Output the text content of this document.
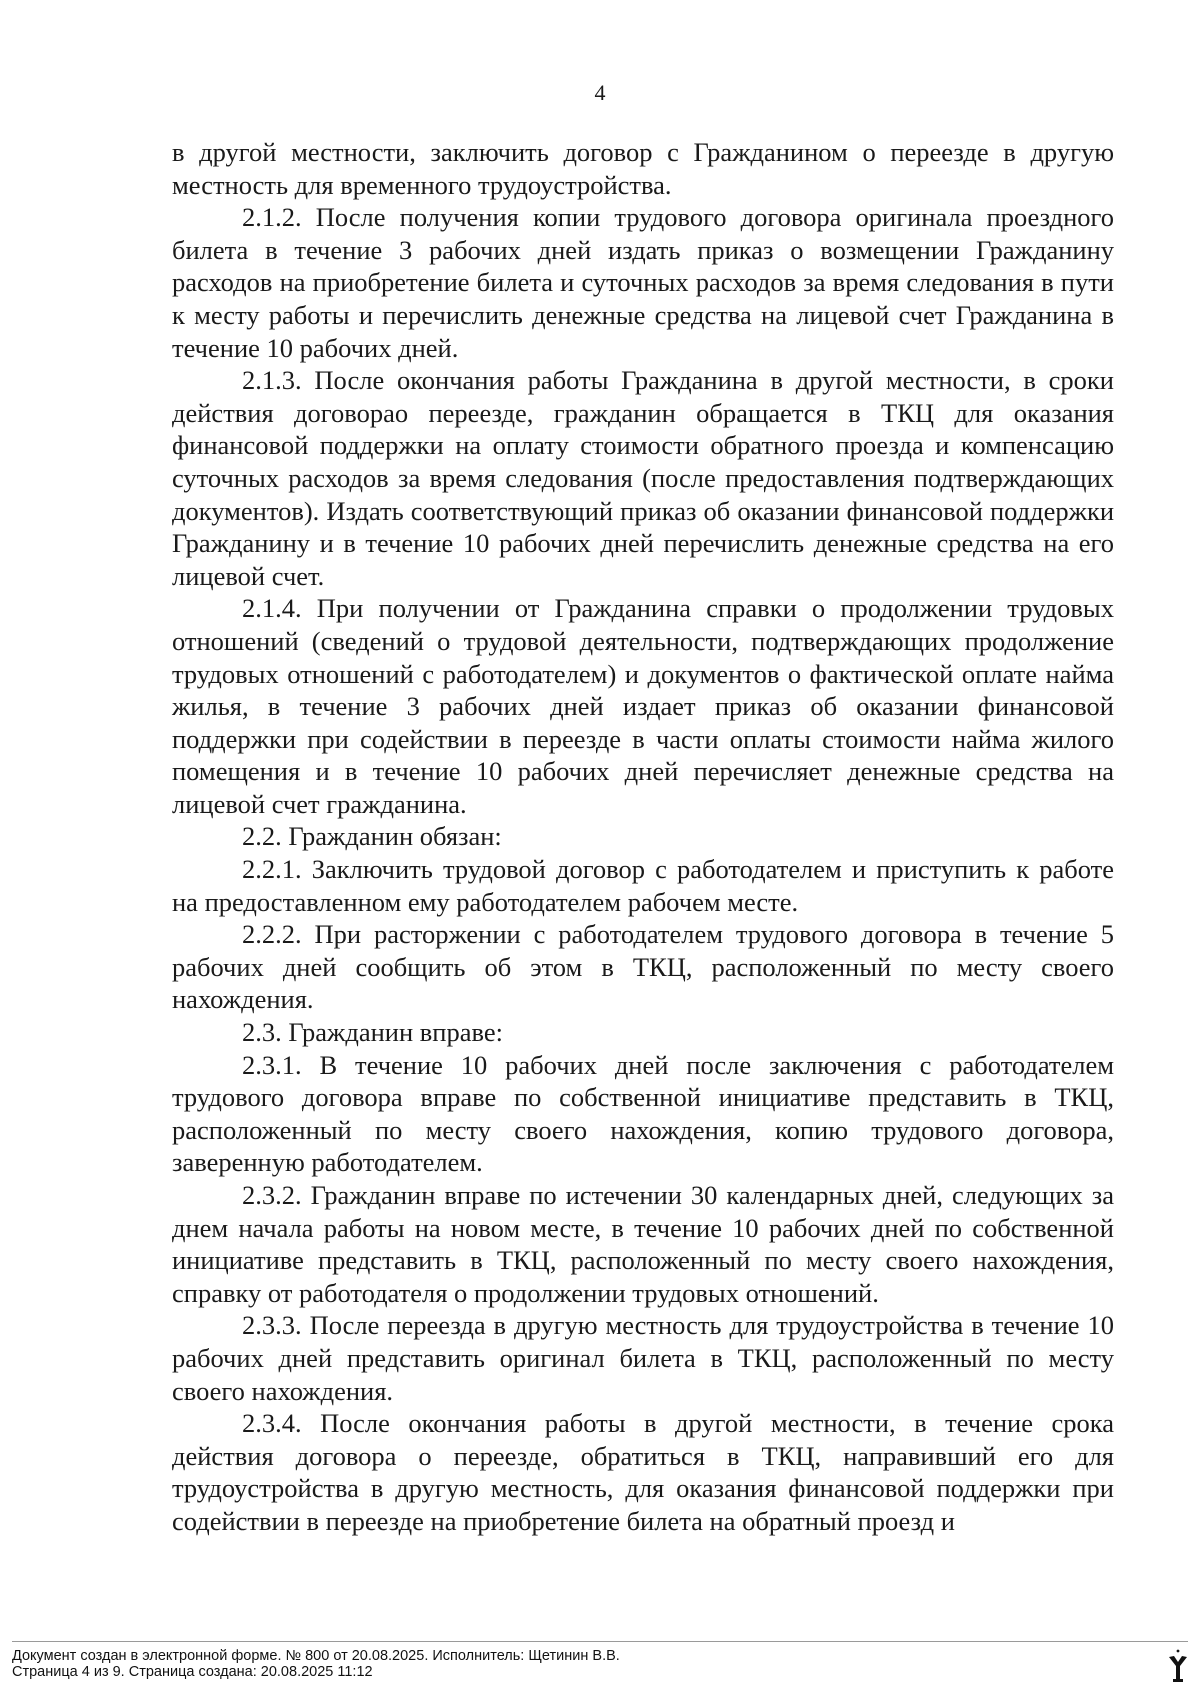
4

в другой местности, заключить договор с Гражданином о переезде в другую местность для временного трудоустройства.

2.1.2. После получения копии трудового договора оригинала проездного билета в течение 3 рабочих дней издать приказ о возмещении Гражданину расходов на приобретение билета и суточных расходов за время следования в пути к месту работы и перечислить денежные средства на лицевой счет Гражданина в течение 10 рабочих дней.

2.1.3. После окончания работы Гражданина в другой местности, в сроки действия договорао переезде, гражданин обращается в ТКЦ для оказания финансовой поддержки на оплату стоимости обратного проезда и компенсацию суточных расходов за время следования (после предоставления подтверждающих документов). Издать соответствующий приказ об оказании финансовой поддержки Гражданину и в течение 10 рабочих дней перечислить денежные средства на его лицевой счет.

2.1.4. При получении от Гражданина справки о продолжении трудовых отношений (сведений о трудовой деятельности, подтверждающих продолжение трудовых отношений с работодателем) и документов о фактической оплате найма жилья, в течение 3 рабочих дней издает приказ об оказании финансовой поддержки при содействии в переезде в части оплаты стоимости найма жилого помещения и в течение 10 рабочих дней перечисляет денежные средства на лицевой счет гражданина.

2.2. Гражданин обязан:

2.2.1. Заключить трудовой договор с работодателем и приступить к работе на предоставленном ему работодателем рабочем месте.

2.2.2. При расторжении с работодателем трудового договора в течение 5 рабочих дней сообщить об этом в ТКЦ, расположенный по месту своего нахождения.

2.3. Гражданин вправе:

2.3.1. В течение 10 рабочих дней после заключения с работодателем трудового договора вправе по собственной инициативе представить в ТКЦ, расположенный по месту своего нахождения, копию трудового договора, заверенную работодателем.

2.3.2. Гражданин вправе по истечении 30 календарных дней, следующих за днем начала работы на новом месте, в течение 10 рабочих дней по собственной инициативе представить в ТКЦ, расположенный по месту своего нахождения, справку от работодателя о продолжении трудовых отношений.

2.3.3. После переезда в другую местность для трудоустройства в течение 10 рабочих дней представить оригинал билета в ТКЦ, расположенный по месту своего нахождения.

2.3.4. После окончания работы в другой местности, в течение срока действия договора о переезде, обратиться в ТКЦ, направивший его для трудоустройства в другую местность, для оказания финансовой поддержки при содействии в переезде на приобретение билета на обратный проезд и

Документ создан в электронной форме. № 800 от 20.08.2025. Исполнитель: Щетинин В.В.
Страница 4 из 9. Страница создана: 20.08.2025 11:12
